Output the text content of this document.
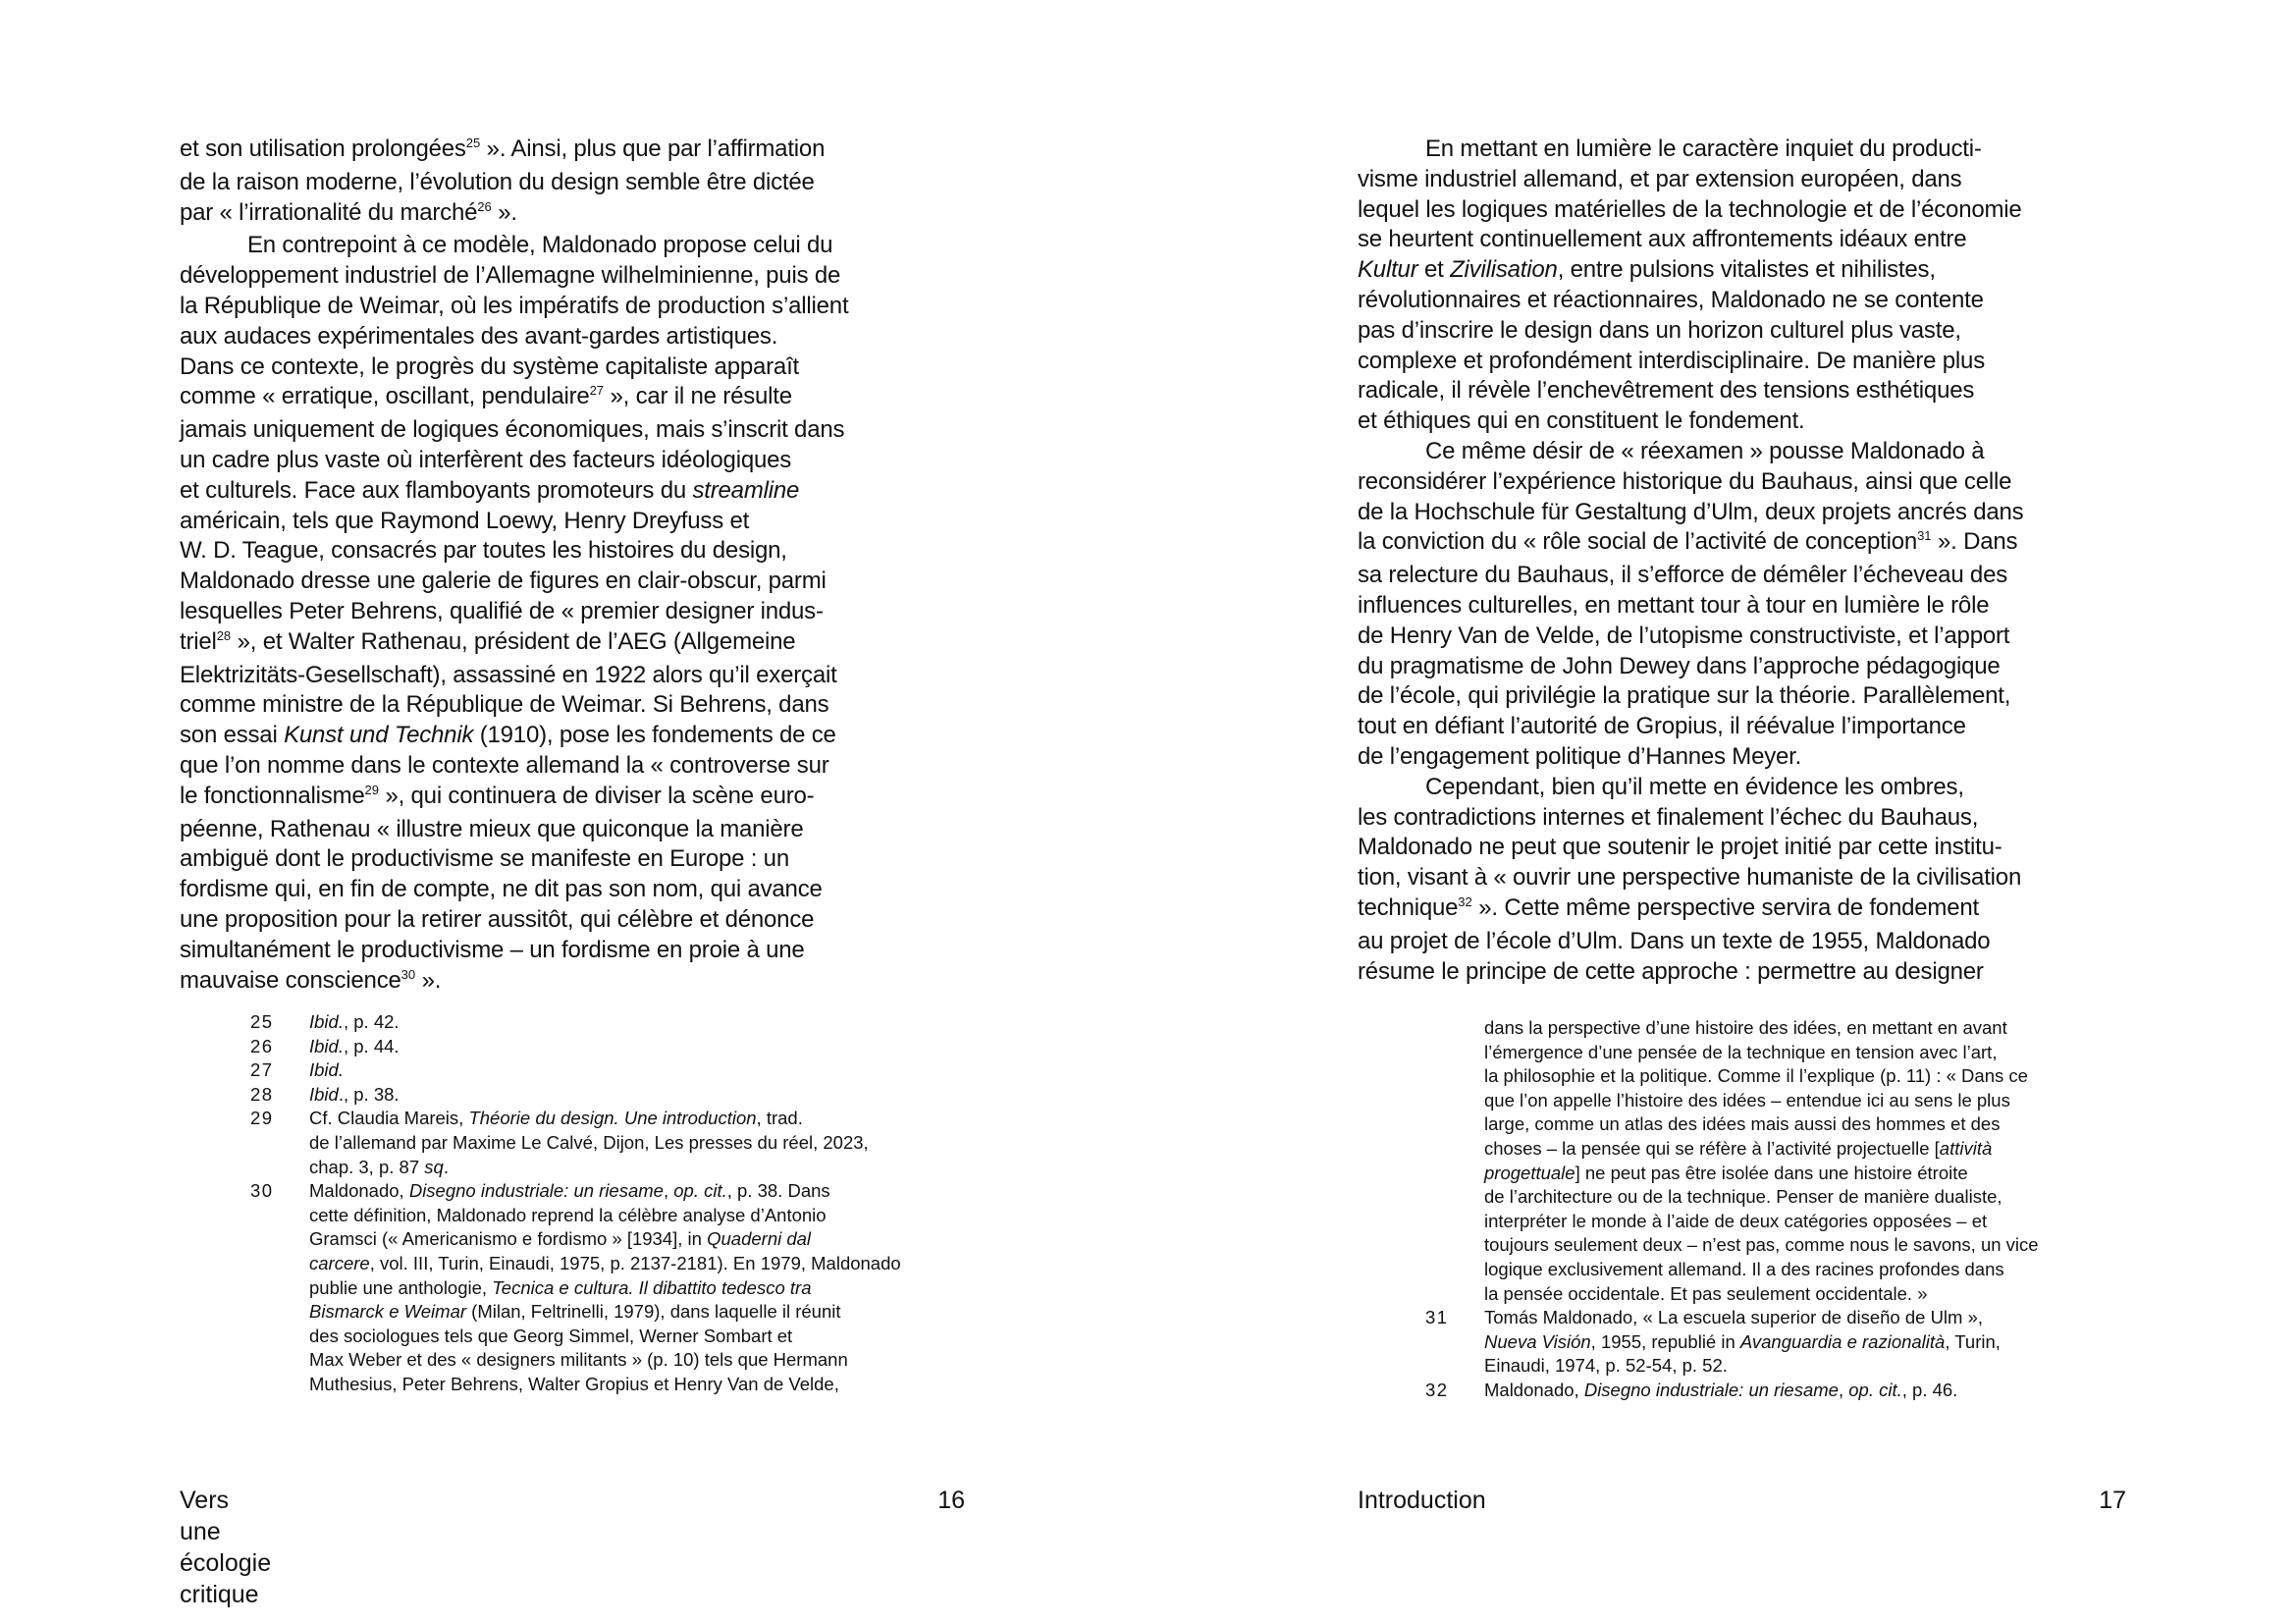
et son utilisation prolongées$^{25}$ ». Ainsi, plus que par l’affirmation
de la raison moderne, l’évolution du design semble être dictée
par « l’irrationalité du marché$^{26}$ ».
En contrepoint à ce modèle, Maldonado propose celui du
développement industriel de l’Allemagne wilhelminienne, puis de
la République de Weimar, où les impératifs de production s’allient
aux audaces expérimentales des avant-gardes artistiques.
Dans ce contexte, le progrès du système capitaliste apparaît
comme « erratique, oscillant, pendulaire$^{27}$ », car il ne résulte
jamais uniquement de logiques économiques, mais s’inscrit dans
un cadre plus vaste où interfèrent des facteurs idéologiques
et culturels. Face aux flamboyants promoteurs du streamline
américain, tels que Raymond Loewy, Henry Dreyfuss et
W. D. Teague, consacrés par toutes les histoires du design,
Maldonado dresse une galerie de figures en clair-obscur, parmi
lesquelles Peter Behrens, qualifié de « premier designer indus-
triel$^{28}$ », et Walter Rathenau, président de l’AEG (Allgemeine
Elektrizitäts-Gesellschaft), assassiné en 1922 alors qu’il exerçait
comme ministre de la République de Weimar. Si Behrens, dans
son essai Kunst und Technik (1910), pose les fondements de ce
que l’on nomme dans le contexte allemand la « controverse sur
le fonctionnalisme$^{29}$ », qui continuera de diviser la scène euro-
péenne, Rathenau « illustre mieux que quiconque la manière
ambiguë dont le productivisme se manifeste en Europe : un
fordisme qui, en fin de compte, ne dit pas son nom, qui avance
une proposition pour la retirer aussitôt, qui célèbre et dénonce
simultanément le productivisme – un fordisme en proie à une
mauvaise conscience$^{30}$ ».
25 Ibid., p. 42.
26 Ibid., p. 44.
27 Ibid.
28 Ibid., p. 38.
29 Cf. Claudia Mareis, Théorie du design. Une introduction, trad.
de l’allemand par Maxime Le Calvé, Dijon, Les presses du réel, 2023,
chap. 3, p. 87 sq.
30 Maldonado, Disegno industriale: un riesame, op. cit., p. 38. Dans
cette définition, Maldonado reprend la célèbre analyse d’Antonio
Gramsci (« Americanismo e fordismo » [1934], in Quaderni dal
carcere, vol. III, Turin, Einaudi, 1975, p. 2137-2181). En 1979, Maldonado
publie une anthologie, Tecnica e cultura. Il dibattito tedesco tra
Bismarck e Weimar (Milan, Feltrinelli, 1979), dans laquelle il réunit
des sociologues tels que Georg Simmel, Werner Sombart et
Max Weber et des « designers militants » (p. 10) tels que Hermann
Muthesius, Peter Behrens, Walter Gropius et Henry Van de Velde,
Vers une écologie critique
16
En mettant en lumière le caractère inquiet du producti-
visme industriel allemand, et par extension européen, dans
lequel les logiques matérielles de la technologie et de l’économie
se heurtent continuellement aux affrontements idéaux entre
Kultur et Zivilisation, entre pulsions vitalistes et nihilistes,
révolutionnaires et réactionnaires, Maldonado ne se contente
pas d’inscrire le design dans un horizon culturel plus vaste,
complexe et profondément interdisciplinaire. De manière plus
radicale, il révèle l’enchevêtrement des tensions esthétiques
et éthiques qui en constituent le fondement.
Ce même désir de « réexamen » pousse Maldonado à
reconsidérer l’expérience historique du Bauhaus, ainsi que celle
de la Hochschule für Gestaltung d’Ulm, deux projets ancrés dans
la conviction du « rôle social de l’activité de conception$^{31}$ ». Dans
sa relecture du Bauhaus, il s’efforce de démêler l’écheveau des
influences culturelles, en mettant tour à tour en lumière le rôle
de Henry Van de Velde, de l’utopisme constructiviste, et l’apport
du pragmatisme de John Dewey dans l’approche pédagogique
de l’école, qui privilégie la pratique sur la théorie. Parallèlement,
tout en défiant l’autorité de Gropius, il réévalue l’importance
de l’engagement politique d’Hannes Meyer.
Cependant, bien qu’il mette en évidence les ombres,
les contradictions internes et finalement l’échec du Bauhaus,
Maldonado ne peut que soutenir le projet initié par cette institu-
tion, visant à « ouvrir une perspective humaniste de la civilisation
technique$^{32}$ ». Cette même perspective servira de fondement
au projet de l’école d’Ulm. Dans un texte de 1955, Maldonado
résume le principe de cette approche : permettre au designer
dans la perspective d’une histoire des idées, en mettant en avant
l’émergence d’une pensée de la technique en tension avec l’art,
la philosophie et la politique. Comme il l’explique (p. 11) : « Dans ce
que l’on appelle l’histoire des idées – entendue ici au sens le plus
large, comme un atlas des idées mais aussi des hommes et des
choses – la pensée qui se réfère à l’activité projectuelle [attività
progettuale] ne peut pas être isolée dans une histoire étroite
de l’architecture ou de la technique. Penser de manière dualiste,
interpréter le monde à l’aide de deux catégories opposées – et
toujours seulement deux – n’est pas, comme nous le savons, un vice
logique exclusivement allemand. Il a des racines profondes dans
la pensée occidentale. Et pas seulement occidentale. »
31 Tomás Maldonado, « La escuela superior de diseño de Ulm »,
Nueva Visión, 1955, republié in Avanguardia e razionalità, Turin,
Einaudi, 1974, p. 52-54, p. 52.
32 Maldonado, Disegno industriale: un riesame, op. cit., p. 46.
Introduction	17
